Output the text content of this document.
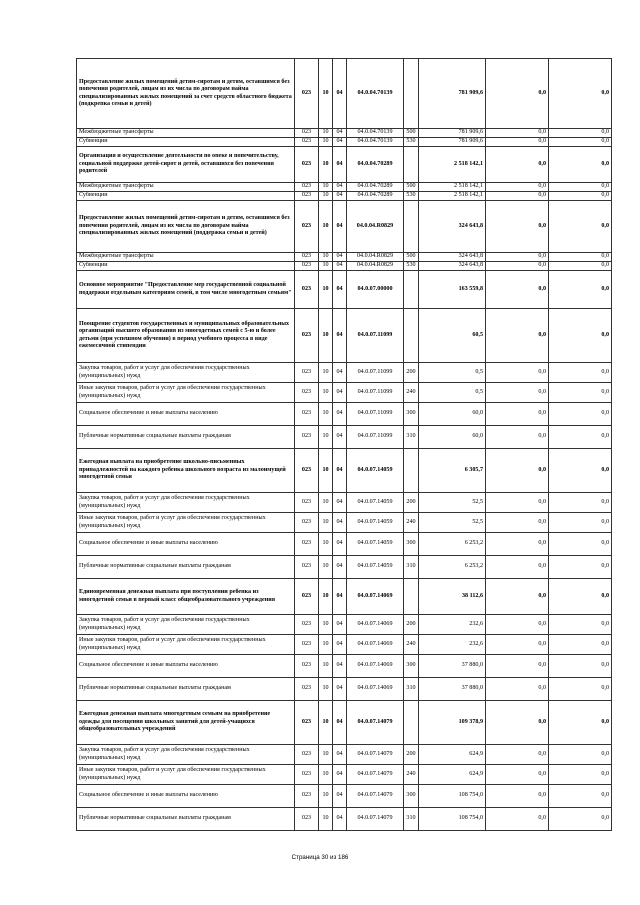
Предоставление жилых помещений детям-сиротам и детям, оставшимся без попечения родителей, лицам из их числа по договорам найма специализированных жилых помещений за счет средств областного бюджета (подкрепка семьи и детей)	023	10	04	04.0.04.70139		781 909,6	0,0	0,0
Межбюджетные трансферты	023	10	04	04.0.04.70139	500	781 909,6	0,0	0,0
Субвенции	023	10	04	04.0.04.70139	530	781 909,6	0,0	0,0
Организация и осуществление деятельности по опеке и попечительству, социальной поддержке детей-сирот и детей, оставшихся без попечения родителей	023	10	04	04.0.04.70289		2 518 142,1	0,0	0,0
Межбюджетные трансферты	023	10	04	04.0.04.70289	500	2 518 142,1	0,0	0,0
Субвенции	023	10	04	04.0.04.70289	530	2 518 142,1	0,0	0,0
Предоставление жилых помещений детям-сиротам и детям, оставшимся без попечения родителей, лицам из их числа по договорам найма специализированных жилых помещений (поддержка семьи и детей)	023	10	04	04.0.04.R0829		324 643,8	0,0	0,0
Межбюджетные трансферты	023	10	04	04.0.04.R0829	500	324 643,8	0,0	0,0
Субвенции	023	10	04	04.0.04.R0829	530	324 643,8	0,0	0,0
Основное мероприятие "Предоставление мер государственной социальной поддержки отдельным категориям семей, в том числе многодетным семьям"	023	10	04	04.0.07.00000		163 559,8	0,0	0,0
Поощрение студентов государственных и муниципальных образовательных организаций высшего образования из многодетных семей с 5-ю и более детьми (при успешном обучении) в период учебного процесса в виде ежемесячной стипендии	023	10	04	04.0.07.11099		60,5	0,0	0,0
Закупка товаров, работ и услуг для обеспечения государственных (муниципальных) нужд	023	10	04	04.0.07.11099	200	0,5	0,0	0,0
Иные закупки товаров, работ и услуг для обеспечения государственных (муниципальных) нужд	023	10	04	04.0.07.11099	240	0,5	0,0	0,0
Социальное обеспечение и иные выплаты населению	023	10	04	04.0.07.11099	300	60,0	0,0	0,0
Публичные нормативные социальные выплаты гражданам	023	10	04	04.0.07.11099	310	60,0	0,0	0,0
Ежегодная выплата на приобретение школьно-письменных принадлежностей на каждого ребенка школьного возраста из малоимущей многодетной семьи	023	10	04	04.0.07.14059		6 305,7	0,0	0,0
Закупка товаров, работ и услуг для обеспечения государственных (муниципальных) нужд	023	10	04	04.0.07.14059	200	52,5	0,0	0,0
Иные закупки товаров, работ и услуг для обеспечения государственных (муниципальных) нужд	023	10	04	04.0.07.14059	240	52,5	0,0	0,0
Социальное обеспечение и иные выплаты населению	023	10	04	04.0.07.14059	300	6 253,2	0,0	0,0
Публичные нормативные социальные выплаты гражданам	023	10	04	04.0.07.14059	310	6 253,2	0,0	0,0
Единовременная денежная выплата при поступлении ребенка из многодетной семьи в первый класс общеобразовательного учреждения	023	10	04	04.0.07.14069		38 112,6	0,0	0,0
Закупка товаров, работ и услуг для обеспечения государственных (муниципальных) нужд	023	10	04	04.0.07.14069	200	232,6	0,0	0,0
Иные закупки товаров, работ и услуг для обеспечения государственных (муниципальных) нужд	023	10	04	04.0.07.14069	240	232,6	0,0	0,0
Социальное обеспечение и иные выплаты населению	023	10	04	04.0.07.14069	300	37 880,0	0,0	0,0
Публичные нормативные социальные выплаты гражданам	023	10	04	04.0.07.14069	310	37 880,0	0,0	0,0
Ежегодная денежная выплата многодетным семьям на приобретение одежды для посещения школьных занятий для детей-учащихся общеобразовательных учреждений	023	10	04	04.0.07.14079		109 378,9	0,0	0,0
Закупка товаров, работ и услуг для обеспечения государственных (муниципальных) нужд	023	10	04	04.0.07.14079	200	624,9	0,0	0,0
Иные закупки товаров, работ и услуг для обеспечения государственных (муниципальных) нужд	023	10	04	04.0.07.14079	240	624,9	0,0	0,0
Социальное обеспечение и иные выплаты населению	023	10	04	04.0.07.14079	300	108 754,0	0,0	0,0
Публичные нормативные социальные выплаты гражданам	023	10	04	04.0.07.14079	310	108 754,0	0,0	0,0
Страница 30 из 186
